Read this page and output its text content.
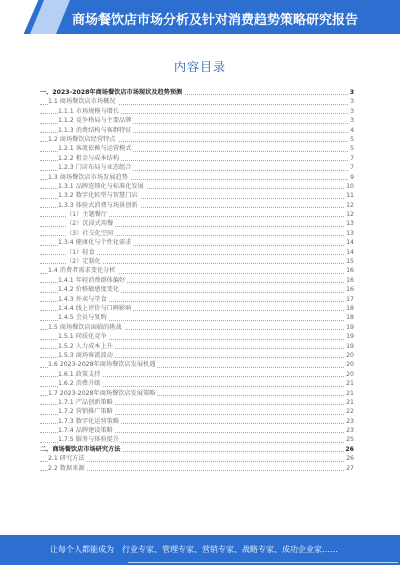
商场餐饮店市场分析及针对消费趋势策略研究报告
内容目录
一、2023-2028年商场餐饮店市场现状及趋势预测	3
1.1 商场餐饮店市场概况	3
1.1.1 市场规模与增长	3
1.1.2 竞争格局与主要品牌	3
1.1.3 消费结构与客群特征	4
1.2 商场餐饮店经营特点	5
1.2.1 客流依赖与运营模式	5
1.2.2 租金与成本结构	7
1.2.3 门店布局与业态组合	7
1.3 商场餐饮店市场发展趋势	9
1.3.1 品牌连锁化与标准化发展	10
1.3.2 数字化转型与智慧门店	11
1.3.3 体验式消费与场景创新	12
（1）主题餐厅	12
（2）沉浸式用餐	13
（3）社交化空间	13
1.3.4 健康化与个性化需求	14
（1）轻食	14
（2）定制化	15
1.4 消费者需求变化分析	16
1.4.1 年轻消费群体偏好	16
1.4.2 价格敏感度变化	16
1.4.3 外卖与堂食	17
1.4.4 线上评价与口碑影响	18
1.4.5 会员与复购	18
1.5 商场餐饮店面临的挑战	19
1.5.1 同质化竞争	19
1.5.2 人力成本上升	19
1.5.3 商场客流波动	20
1.6 2023-2028年商场餐饮店发展机遇	20
1.6.1 政策支持	20
1.6.2 消费升级	21
1.7 2023-2028年商场餐饮店发展策略	21
1.7.1 产品创新策略	21
1.7.2 营销推广策略	22
1.7.3 数字化运营策略	23
1.7.4 品牌建设策略	23
1.7.5 服务与体验提升	25
二、商场餐饮店市场研究方法	26
2.1 研究方法	26
2.2 数据来源	27
让每个人都能成为 行业专家、管理专家、营销专家、战略专家、成功企业家……
